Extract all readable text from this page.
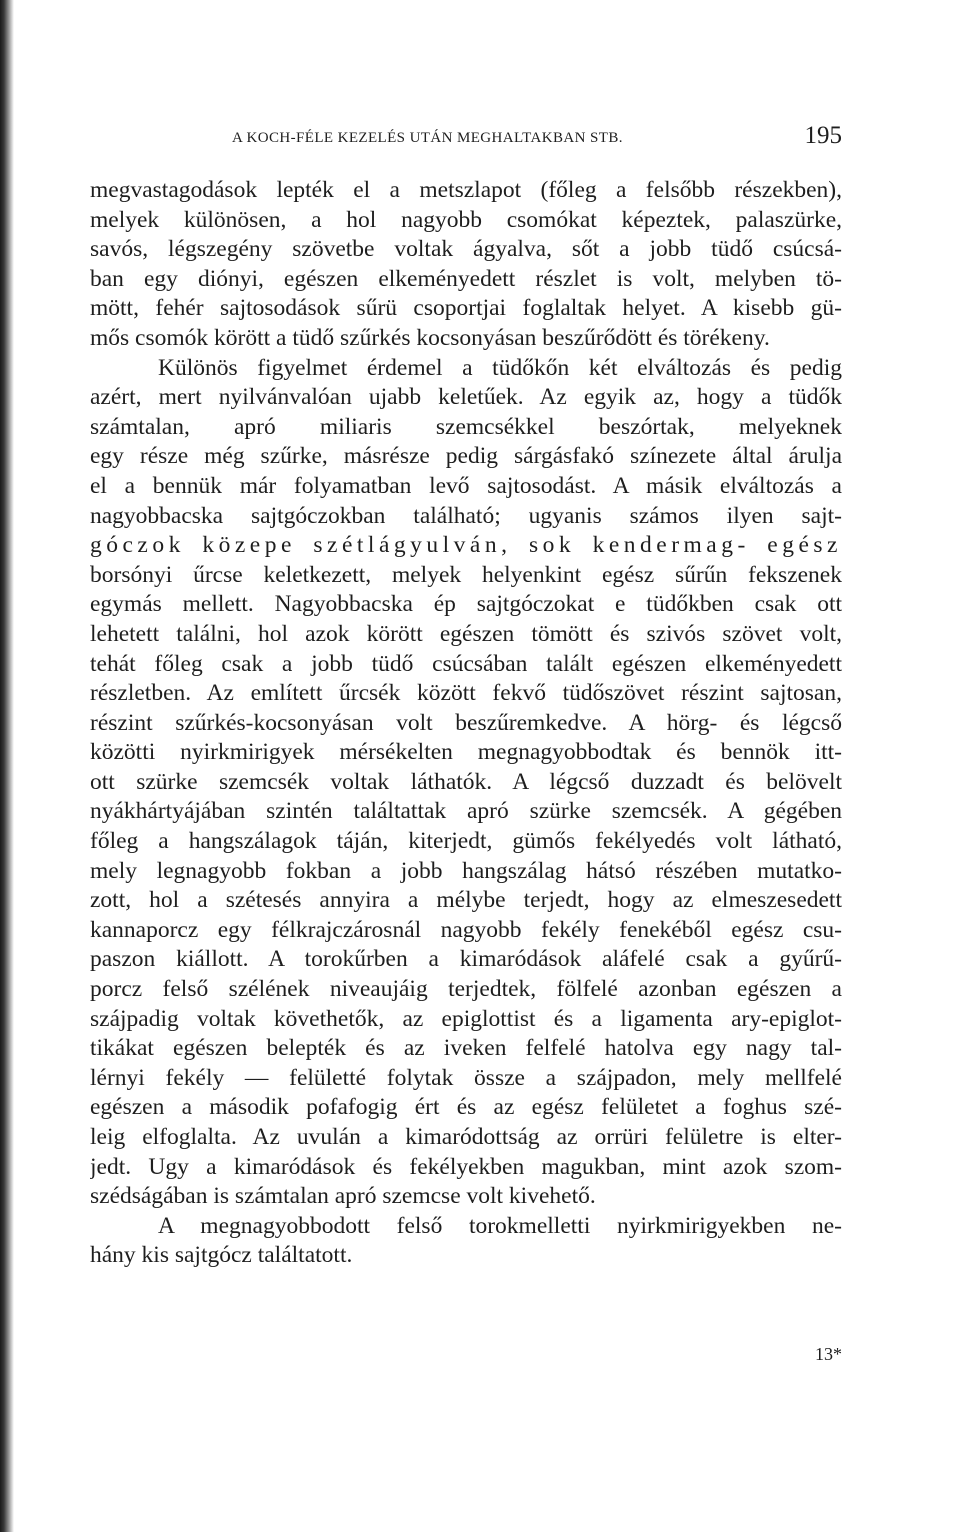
A KOCH-FÉLE KEZELÉS UTÁN MEGHALTAKBAN STB.	195
megvastagodások lepték el a metszlapot (főleg a felsőbb részekben),
melyek különösen, a hol nagyobb csomókat képeztek, palaszürke,
savós, légszegény szövetbe voltak ágyalva, sőt a jobb tüdő csúcsá-
ban egy diónyi, egészen elkeményedett részlet is volt, melyben tö-
mött, fehér sajtosodások sűrü csoportjai foglaltak helyet. A kisebb gü-
mős csomók körött a tüdő szűrkés kocsonyásan beszűrődött és törékeny.
Különös figyelmet érdemel a tüdőkőn két elváltozás és pedig
azért, mert nyilvánvalóan ujabb keletűek. Az egyik az, hogy a tüdők
számtalan, apró miliaris szemcsékkel beszórtak, melyeknek
egy része még szűrke, másrésze pedig sárgásfakó színezete által árulja
el a bennük már folyamatban levő sajtosodást. A másik elváltozás a
nagyobbacska sajtgóczokban található; ugyanis számos ilyen sajt-
góczok közepe szétlágyulván, sok kendermag- egész
borsónyi űrcse keletkezett, melyek helyenkint egész sűrűn fekszenek
egymás mellett. Nagyobbacska ép sajtgóczokat e tüdőkben csak ott
lehetett találni, hol azok körött egészen tömött és szivós szövet volt,
tehát főleg csak a jobb tüdő csúcsában talált egészen elkeményedett
részletben. Az említett űrcsék között fekvő tüdőszövet részint sajtosan,
részint szűrkés-kocsonyásan volt beszűremkedve. A hörg- és légcső
közötti nyirkmirigyek mérsékelten megnagyobbodtak és bennök itt-
ott szürke szemcsék voltak láthatók. A légcső duzzadt és belövelt
nyákhártyájában szintén találtattak apró szürke szemcsék. A gégében
főleg a hangszálagok táján, kiterjedt, gümős fekélyedés volt látható,
mely legnagyobb fokban a jobb hangszálag hátsó részében mutatko-
zott, hol a szétesés annyira a mélybe terjedt, hogy az elmeszesedett
kannaporcz egy félkrajczárosnál nagyobb fekély fenekéből egész csu-
paszon kiállott. A torokűrben a kimaródások aláfelé csak a gyűrű-
porcz felső szélének niveaujáig terjedtek, fölfelé azonban egészen a
szájpadig voltak követhetők, az epiglottist és a ligamenta ary-epiglot-
tikákat egészen belepték és az iveken felfelé hatolva egy nagy tal-
lérnyi fekély — felületté folytak össze a szájpadon, mely mellfelé
egészen a második pofafogig ért és az egész felületet a foghus szé-
leig elfoglalta. Az uvulán a kimaródottság az orrüri felületre is elter-
jedt. Ugy a kimaródások és fekélyekben magukban, mint azok szom-
szédságában is számtalan apró szemcse volt kivehető.
A megnagyobbodott felső torokmelletti nyirkmirigyekben ne-
hány kis sajtgócz találtatott.
13*
